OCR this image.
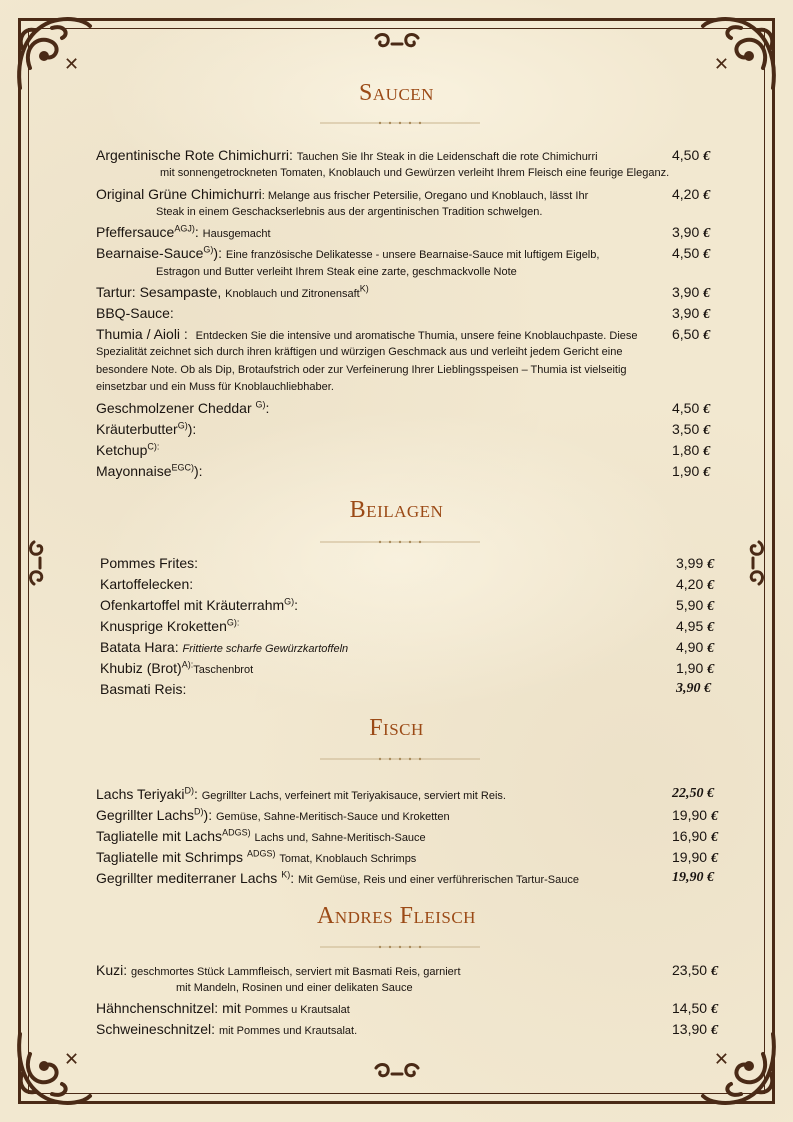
✕	✕
✕	✕
Saucen
Argentinische Rote Chimichurri: Tauchen Sie Ihr Steak in die Leidenschaft die rote Chimichurri	4,50 €
mit sonnengetrockneten Tomaten, Knoblauch und Gewürzen verleiht Ihrem Fleisch eine feurige Eleganz.
Original Grüne Chimichurri: Melange aus frischer Petersilie, Oregano und Knoblauch, lässt Ihr	4,20 €
Steak in einem Geschackserlebnis aus der argentinischen Tradition schwelgen.
Pfeffersauce$^{AGJ)}$: Hausgemacht	3,90 €
Bearnaise-Sauce$^{G)}$): Eine französische Delikatesse - unsere Bearnaise-Sauce mit luftigem Eigelb,	4,50 €
Estragon und Butter verleiht Ihrem Steak eine zarte, geschmackvolle Note
Tartur: Sesampaste, Knoblauch und Zitronensaft$^{K)}$	3,90 €
BBQ-Sauce:	3,90 €
Thumia / Aioli : Entdecken Sie die intensive und aromatische Thumia, unsere feine Knoblauchpaste. Diese 6,50 €
Spezialität zeichnet sich durch ihren kräftigen und würzigen Geschmack aus und verleiht jedem Gericht eine
besondere Note. Ob als Dip, Brotaufstrich oder zur Verfeinerung Ihrer Lieblingsspeisen – Thumia ist vielseitig
einsetzbar und ein Muss für Knoblauchliebhaber.
Geschmolzener Cheddar $^{G)}$:	4,50 €
Kräuterbutter$^{G)}$):	3,50 €
Ketchup$^{C):}$	1,80 €
Mayonnaise$^{EGC)}$):	1,90 €
Beilagen
Pommes Frites:	3,99 €
Kartoffelecken:	4,20 €
Ofenkartoffel mit Kräuterrahm$^{G)}$:	5,90 €
Knusprige Kroketten$^{G):}$	4,95 €
Batata Hara: Frittierte scharfe Gewürzkartoffeln	4,90 €
Khubiz (Brot)$^{A):}$Taschenbrot	1,90 €
Basmati Reis:	3,90 €
Fisch
Lachs Teriyaki$^{D)}$: Gegrillter Lachs, verfeinert mit Teriyakisauce, serviert mit Reis.	22,50 €
Gegrillter Lachs$^{D)}$): Gemüse, Sahne-Meritisch-Sauce und Kroketten	19,90 €
Tagliatelle mit Lachs$^{ADGS)}$ Lachs und, Sahne-Meritisch-Sauce	16,90 €
Tagliatelle mit Schrimps $^{ADGS)}$ Tomat, Knoblauch Schrimps	19,90 €
Gegrillter mediterraner Lachs $^{K)}$: Mit Gemüse, Reis und einer verführerischen Tartur-Sauce	19,90 €
Andres Fleisch
Kuzi: geschmortes Stück Lammfleisch, serviert mit Basmati Reis, garniert	23,50 €
mit Mandeln, Rosinen und einer delikaten Sauce
Hähnchenschnitzel: mit Pommes u Krautsalat	14,50 €
Schweineschnitzel: mit Pommes und Krautsalat.	13,90 €
